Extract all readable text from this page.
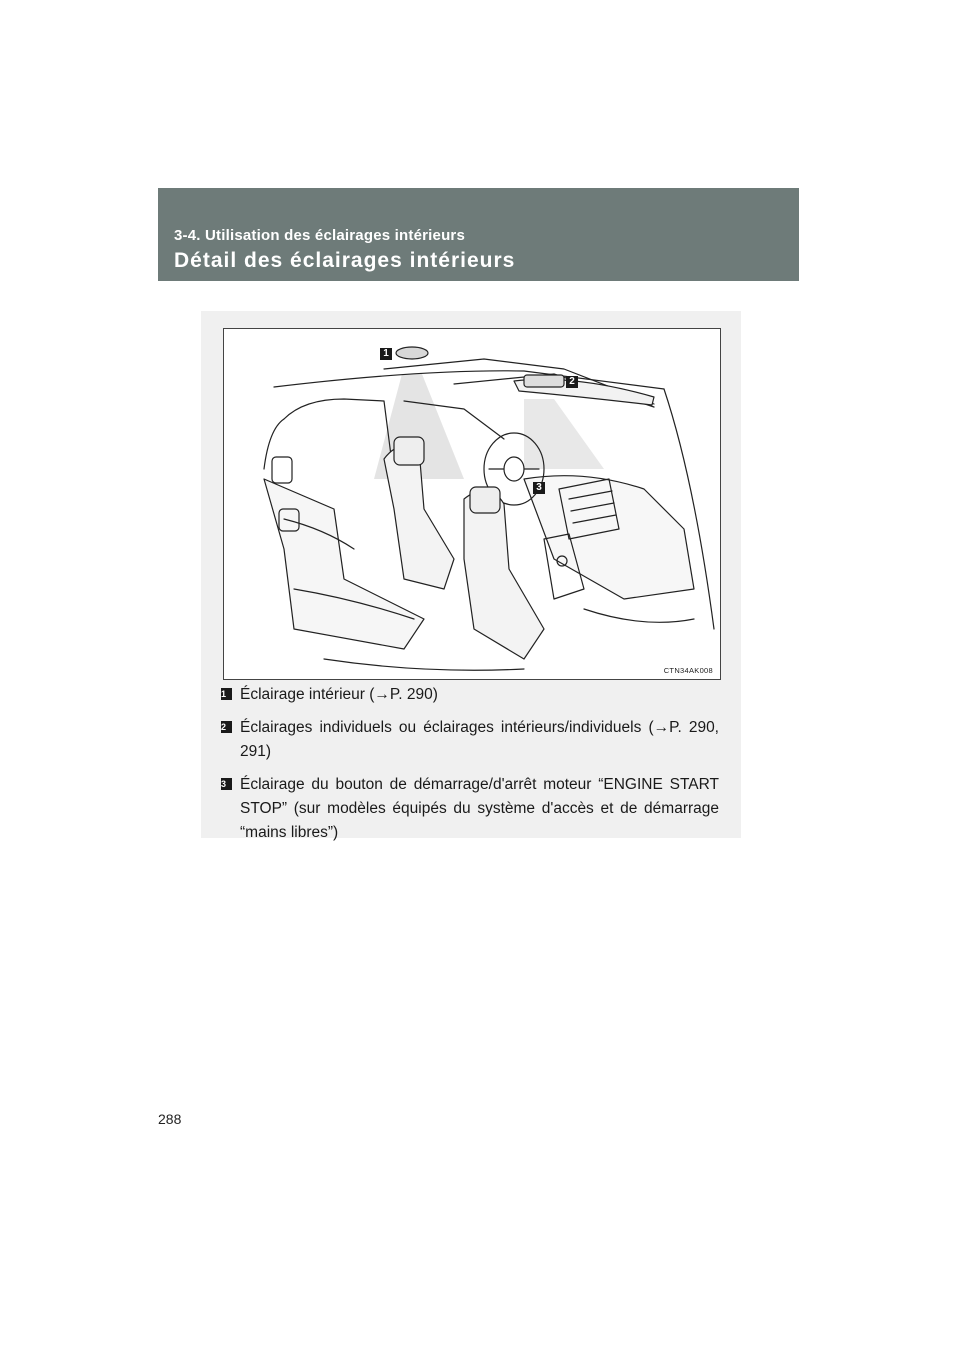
3-4. Utilisation des éclairages intérieurs
Détail des éclairages intérieurs
1
2
3
CTN34AK008
1 Éclairage intérieur (→P. 290)
2 Éclairages individuels ou éclairages intérieurs/individuels (→P. 290, 291)
3 Éclairage du bouton de démarrage/d'arrêt moteur “ENGINE START STOP” (sur modèles équipés du système d'accès et de démarrage “mains libres”)
288
